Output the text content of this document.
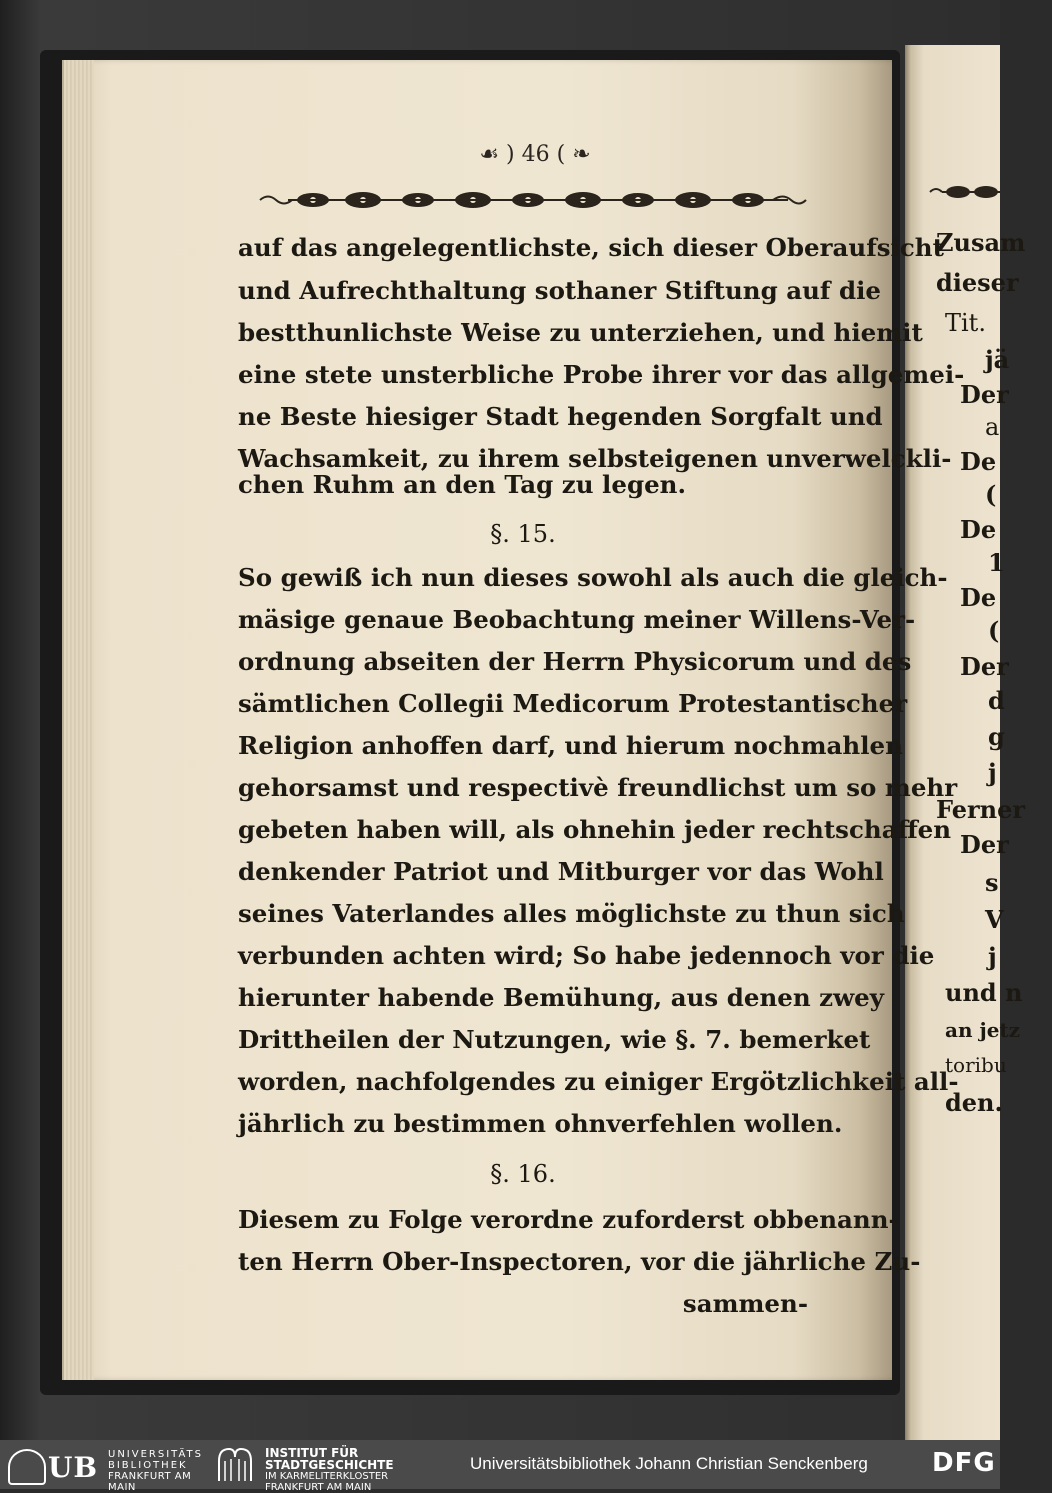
☙ ) 46 ( ❧
auf das angelegentlichste, sich dieser Oberaufsicht
und Aufrechthaltung sothaner Stiftung auf die
bestthunlichste Weise zu unterziehen, und hiemit
eine stete unsterbliche Probe ihrer vor das allgemei-
ne Beste hiesiger Stadt hegenden Sorgfalt und
Wachsamkeit, zu ihrem selbsteigenen unverwelckli-
chen Ruhm an den Tag zu legen.
§. 15.
So gewiß ich nun dieses sowohl als auch die gleich-
mäsige genaue Beobachtung meiner Willens-Ver-
ordnung abseiten der Herrn Physicorum und des
sämtlichen Collegii Medicorum Protestantischer
Religion anhoffen darf, und hierum nochmahlen
gehorsamst und respectivè freundlichst um so mehr
gebeten haben will, als ohnehin jeder rechtschaffen
denkender Patriot und Mitburger vor das Wohl
seines Vaterlandes alles möglichste zu thun sich
verbunden achten wird; So habe jedennoch vor die
hierunter habende Bemühung, aus denen zwey
Drittheilen der Nutzungen, wie §. 7. bemerket
worden, nachfolgendes zu einiger Ergötzlichkeit all-
jährlich zu bestimmen ohnverfehlen wollen.
§. 16.
Diesem zu Folge verordne zuforderst obbenann-
ten Herrn Ober-Inspectoren, vor die jährliche Zu-
sammen-
Zusam
dieser
Tit.
jä
Der
a
De
(
De
1
De
(
Der
d
g
j
Ferner
Der
s
V
j
und n
an jetz
toribu
den.
UB UNIVERSITÄTS
BIBLIOTHEK
FRANKFURT AM MAIN
INSTITUT FÜR
STADTGESCHICHTE
IM KARMELITERKLOSTER
FRANKFURT AM MAIN
Universitätsbibliothek Johann Christian Senckenberg DFG
